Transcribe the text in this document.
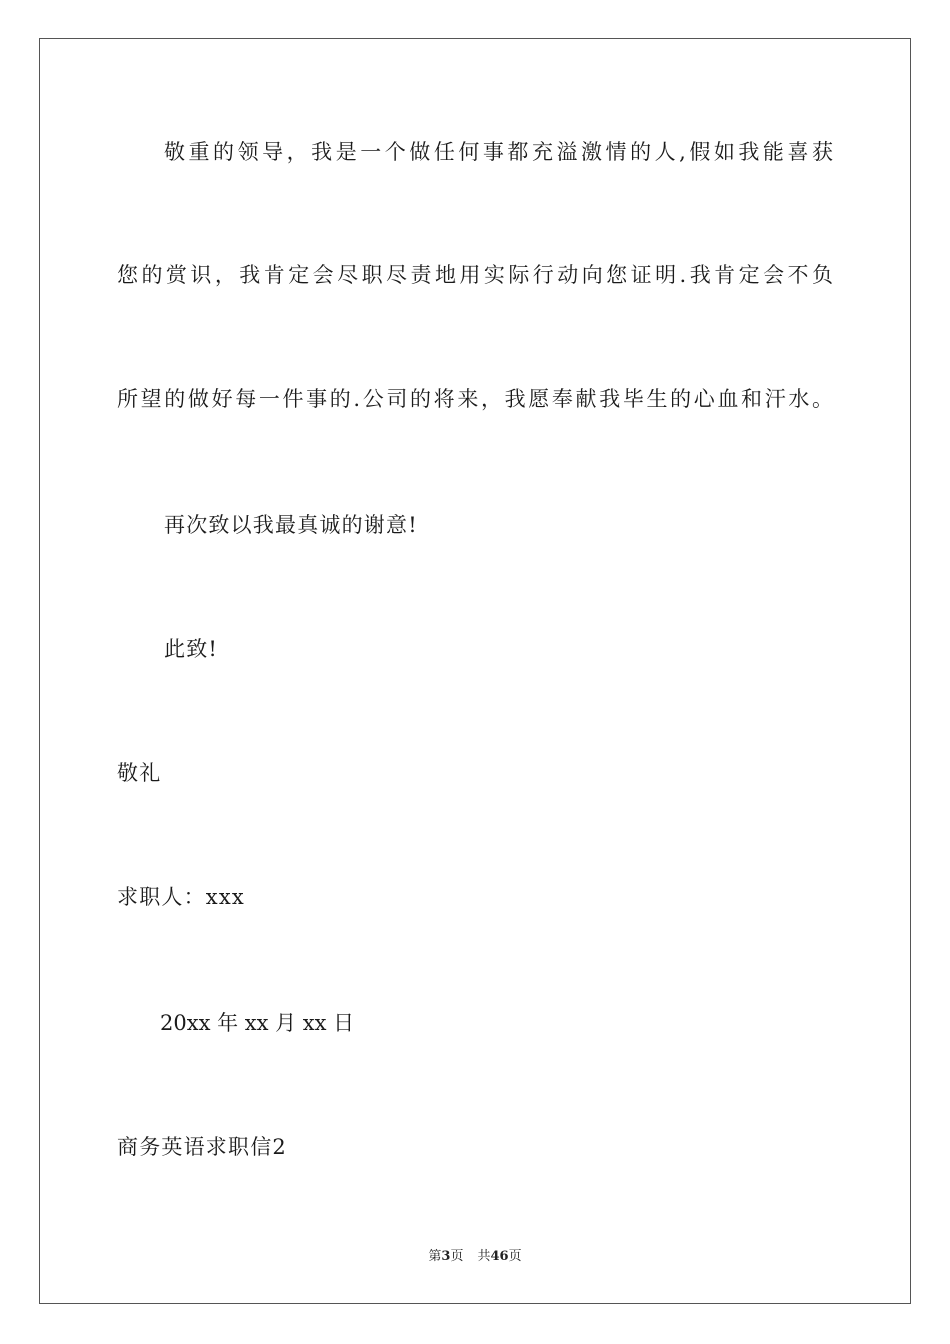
敬重的领导，我是一个做任何事都充溢激情的人,假如我能喜获
您的赏识，我肯定会尽职尽责地用实际行动向您证明.我肯定会不负
所望的做好每一件事的.公司的将来，我愿奉献我毕生的心血和汗水。
再次致以我最真诚的谢意!
此致!
敬礼
求职人：xxx
20xx 年 xx 月 xx 日
商务英语求职信2
第3页 共46页
